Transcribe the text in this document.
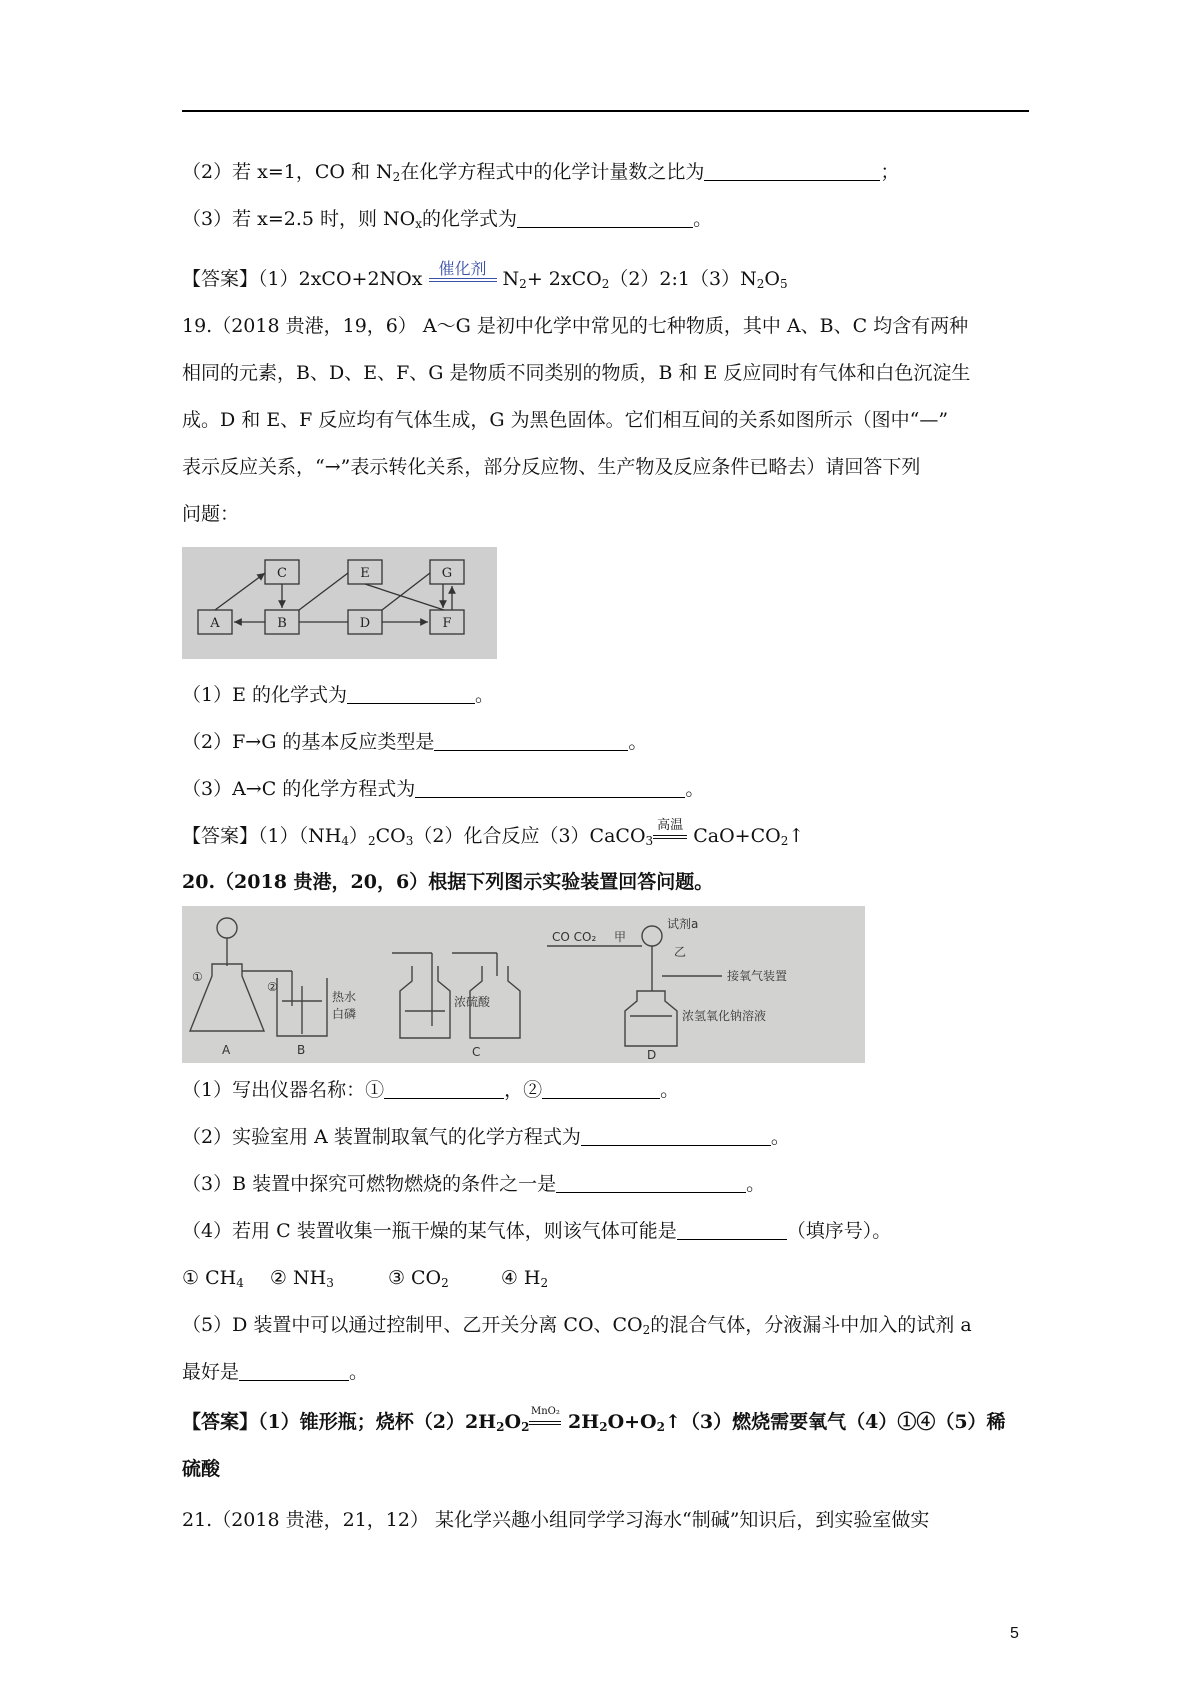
（2）若 x=1，CO 和 $N_2$在化学方程式中的化学计量数之比为	；
（3）若 x=2.5 时，则 $NO_x$的化学式为	。
【答案】（1）2xCO+2NOx 催化剂 $N_2+$ $2xCO_2(2)2:1(3)N_2O_5$
19.（2018 贵港，19，6） A～G 是初中化学中常见的七种物质，其中 A、B、C 均含有两种
相同的元素，B、D、E、F、G 是物质不同类别的物质，B 和 E 反应同时有气体和白色沉淀生
成。D 和 E、F 反应均有气体生成，G 为黑色固体。它们相互间的关系如图所示（图中“—”
表示反应关系，“→”表示转化关系，部分反应物、生产物及反应条件已略去）请回答下列
问题：
C	E	G
A	B	D	F
（1）E 的化学式为	。
（2）F→G 的基本反应类型是	。
（3）A→C 的化学方程式为	。
【答案】$(1)(NH_4)_2CO_3(2)$化合反应（3）CaCO$_3$
高温 $CaO+CO_2↑$
20.（2018 贵港，20，6）根据下列图示实验装置回答问题。
①
②
热水
白磷
浓硫酸
CO CO₂ 甲
乙
试剂a
接氧气装置
浓氢氧化钠溶液
A	B	C	D
（1）写出仪器名称：①	，②	。
（2）实验室用 A 装置制取氧气的化学方程式为	。
（3）B 装置中探究可燃物燃烧的条件之一是	。
（4）若用 C 装置收集一瓶干燥的某气体，则该气体可能是	（填序号）。
① $CH_4$ ② $NH_3$	③ $CO_2$	④ $H_2$
（5）D 装置中可以通过控制甲、乙开关分离 CO、$CO_2$的混合气体，分液漏斗中加入的试剂 a
最好是	。
【答案】（1）锥形瓶；烧杯$(2)2H_2O_2$
MnO₂ $2H_2O+O_2↑(3)$燃烧需要氧气（4）①④（5）稀
硫酸
21.（2018 贵港，21，12） 某化学兴趣小组同学学习海水“制碱”知识后，到实验室做实
5
